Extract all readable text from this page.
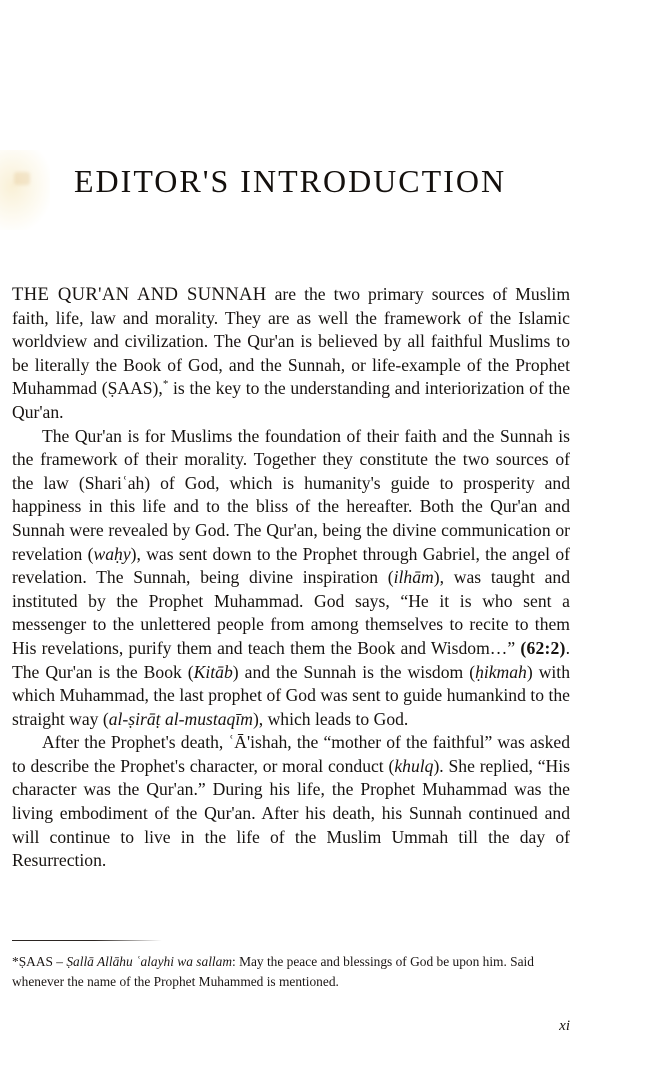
EDITOR'S INTRODUCTION

THE QUR'AN AND SUNNAH are the two primary sources of Muslim faith, life, law and morality. They are as well the framework of the Islamic worldview and civilization. The Qur'an is believed by all faithful Muslims to be literally the Book of God, and the Sunnah, or life-example of the Prophet Muhammad (ṢAAS),* is the key to the understanding and interiorization of the Qur'an.

The Qur'an is for Muslims the foundation of their faith and the Sunnah is the framework of their morality. Together they constitute the two sources of the law (Shariʿah) of God, which is humanity's guide to prosperity and happiness in this life and to the bliss of the hereafter. Both the Qur'an and Sunnah were revealed by God. The Qur'an, being the divine communication or revelation (waḥy), was sent down to the Prophet through Gabriel, the angel of revelation. The Sunnah, being divine inspiration (ilhām), was taught and instituted by the Prophet Muhammad. God says, “He it is who sent a messenger to the unlettered people from among themselves to recite to them His revelations, purify them and teach them the Book and Wisdom…” (62:2). The Qur'an is the Book (Kitāb) and the Sunnah is the wisdom (ḥikmah) with which Muhammad, the last prophet of God was sent to guide humankind to the straight way (al-ṣirāṭ al-mustaqīm), which leads to God.

After the Prophet's death, ʿĀ'ishah, the “mother of the faithful” was asked to describe the Prophet's character, or moral conduct (khulq). She replied, “His character was the Qur'an.” During his life, the Prophet Muhammad was the living embodiment of the Qur'an. After his death, his Sunnah continued and will continue to live in the life of the Muslim Ummah till the day of Resurrection.

*ṢAAS – Ṣallā Allāhu ʿalayhi wa sallam: May the peace and blessings of God be upon him. Said whenever the name of the Prophet Muhammed is mentioned.

xi
